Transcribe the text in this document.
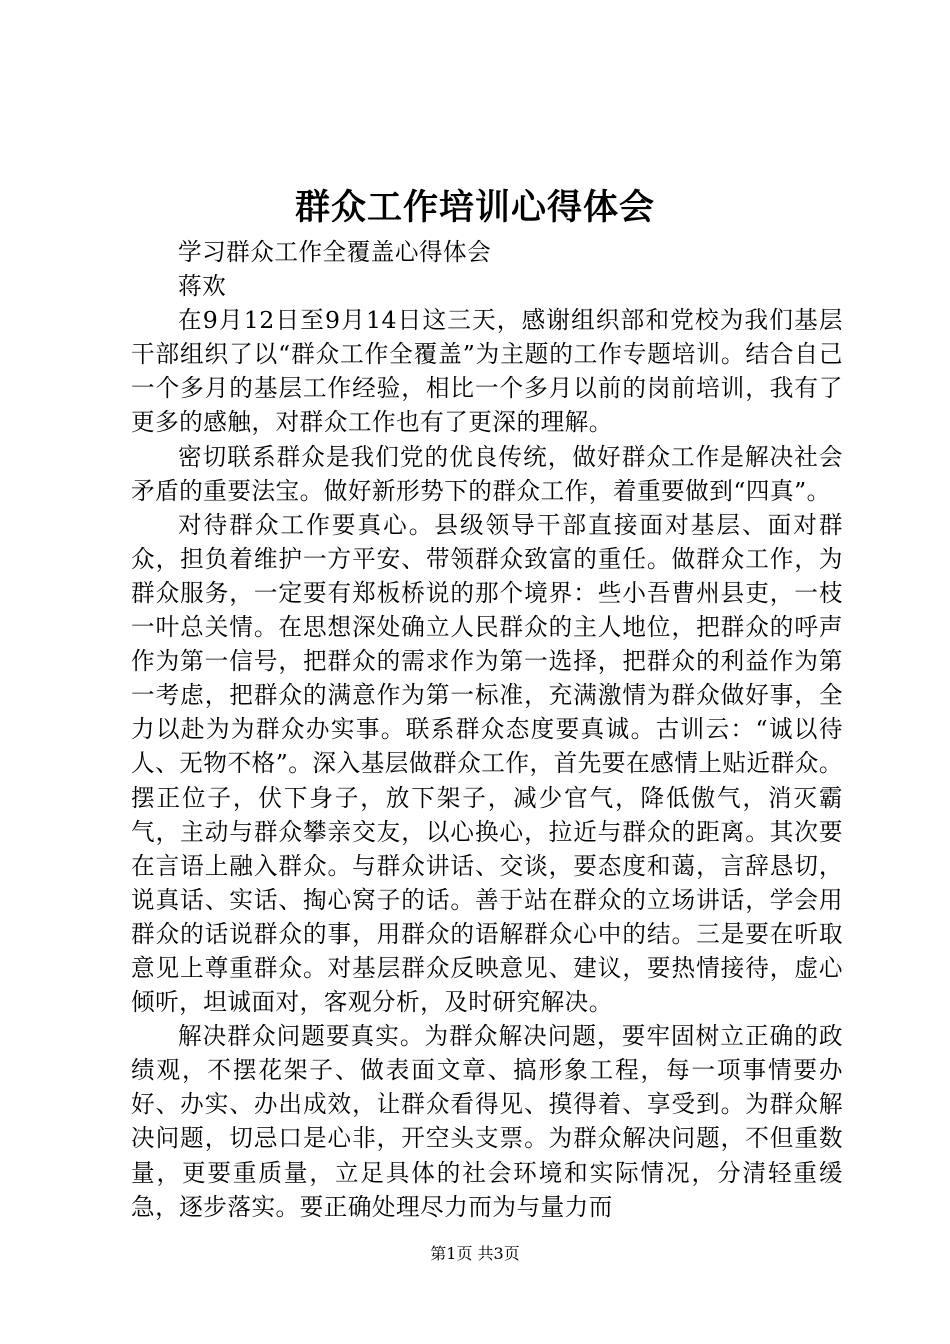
群众工作培训心得体会

学习群众工作全覆盖心得体会

蒋欢

在9月12日至9月14日这三天，感谢组织部和党校为我们基层干部组织了以“群众工作全覆盖”为主题的工作专题培训。结合自己一个多月的基层工作经验，相比一个多月以前的岗前培训，我有了更多的感触，对群众工作也有了更深的理解。

密切联系群众是我们党的优良传统，做好群众工作是解决社会矛盾的重要法宝。做好新形势下的群众工作，着重要做到“四真”。

对待群众工作要真心。县级领导干部直接面对基层、面对群众，担负着维护一方平安、带领群众致富的重任。做群众工作，为群众服务，一定要有郑板桥说的那个境界：些小吾曹州县吏，一枝一叶总关情。在思想深处确立人民群众的主人地位，把群众的呼声作为第一信号，把群众的需求作为第一选择，把群众的利益作为第一考虑，把群众的满意作为第一标准，充满激情为群众做好事，全力以赴为为群众办实事。联系群众态度要真诚。古训云：“诚以待人、无物不格”。深入基层做群众工作，首先要在感情上贴近群众。摆正位子，伏下身子，放下架子，减少官气，降低傲气，消灭霸气，主动与群众攀亲交友，以心换心，拉近与群众的距离。其次要在言语上融入群众。与群众讲话、交谈，要态度和蔼，言辞恳切，说真话、实话、掏心窝子的话。善于站在群众的立场讲话，学会用群众的话说群众的事，用群众的语解群众心中的结。三是要在听取意见上尊重群众。对基层群众反映意见、建议，要热情接待，虚心倾听，坦诚面对，客观分析，及时研究解决。

解决群众问题要真实。为群众解决问题，要牢固树立正确的政绩观，不摆花架子、做表面文章、搞形象工程，每一项事情要办好、办实、办出成效，让群众看得见、摸得着、享受到。为群众解决问题，切忌口是心非，开空头支票。为群众解决问题，不但重数量，更要重质量，立足具体的社会环境和实际情况，分清轻重缓急，逐步落实。要正确处理尽力而为与量力而

第1页 共3页
